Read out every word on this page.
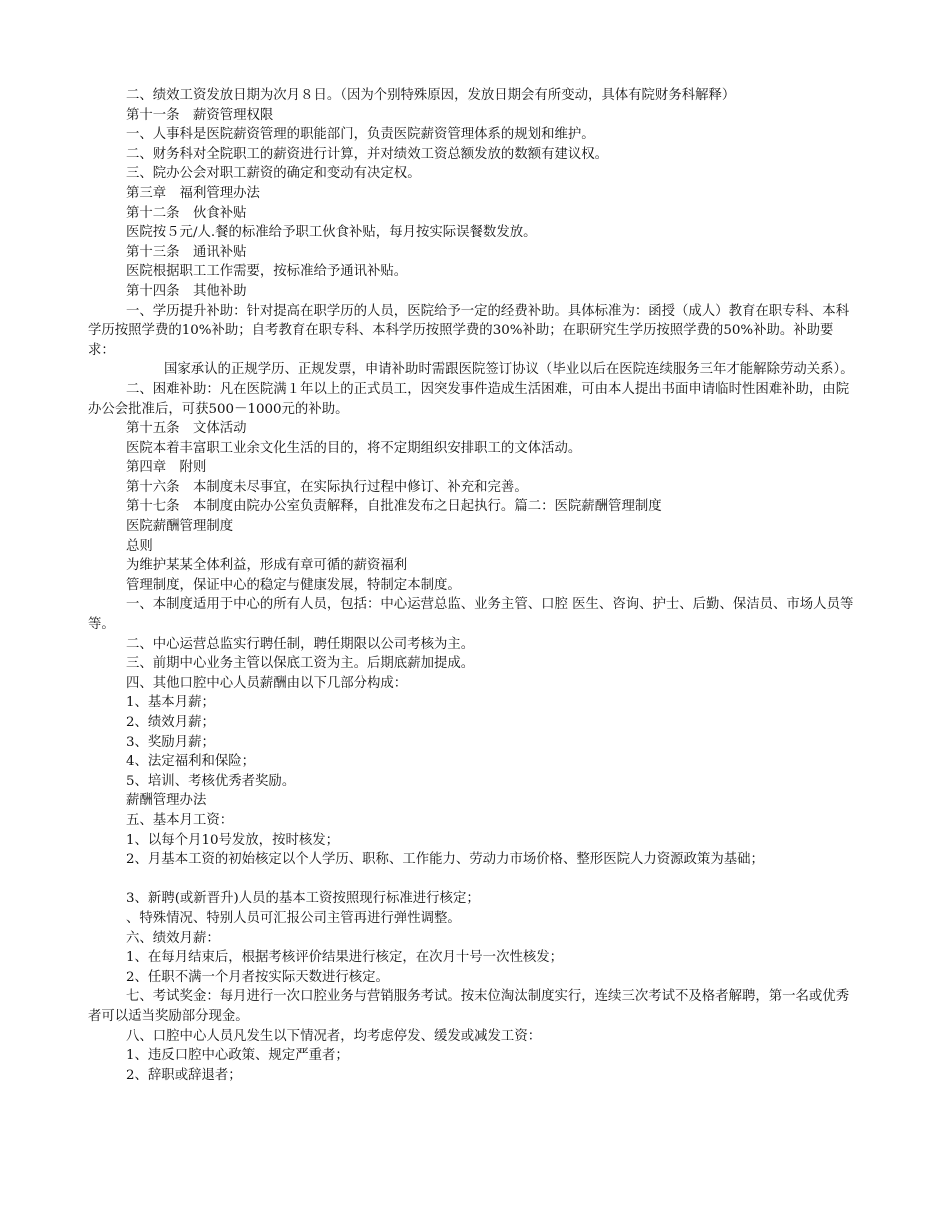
二、绩效工资发放日期为次月８日。（因为个别特殊原因，发放日期会有所变动，具体有院财务科解释）

第十一条　薪资管理权限

一、人事科是医院薪资管理的职能部门，负责医院薪资管理体系的规划和维护。

二、财务科对全院职工的薪资进行计算，并对绩效工资总额发放的数额有建议权。

三、院办公会对职工薪资的确定和变动有决定权。

第三章　福利管理办法

第十二条　伙食补贴

医院按５元/人.餐的标准给予职工伙食补贴，每月按实际误餐数发放。

第十三条　通讯补贴

医院根据职工工作需要，按标准给予通讯补贴。

第十四条　其他补助

一、学历提升补助：针对提高在职学历的人员，医院给予一定的经费补助。具体标准为：函授（成人）教育在职专科、本科学历按照学费的10%补助；自考教育在职专科、本科学历按照学费的30%补助；在职研究生学历按照学费的50%补助。补助要求：

国家承认的正规学历、正规发票，申请补助时需跟医院签订协议（毕业以后在医院连续服务三年才能解除劳动关系）。

二、困难补助：凡在医院满１年以上的正式员工，因突发事件造成生活困难，可由本人提出书面申请临时性困难补助，由院办公会批准后，可获500－1000元的补助。

第十五条　文体活动

医院本着丰富职工业余文化生活的目的，将不定期组织安排职工的文体活动。

第四章　附则

第十六条　本制度未尽事宜，在实际执行过程中修订、补充和完善。

第十七条　本制度由院办公室负责解释，自批准发布之日起执行。篇二：医院薪酬管理制度

医院薪酬管理制度

总则

为维护某某全体利益，形成有章可循的薪资福利

管理制度，保证中心的稳定与健康发展，特制定本制度。

一、本制度适用于中心的所有人员，包括：中心运营总监、业务主管、口腔 医生、咨询、护士、后勤、保洁员、市场人员等等。

二、中心运营总监实行聘任制，聘任期限以公司考核为主。

三、前期中心业务主管以保底工资为主。后期底薪加提成。

四、其他口腔中心人员薪酬由以下几部分构成：

1、基本月薪；

2、绩效月薪；

3、奖励月薪；

4、法定福利和保险；

5、培训、考核优秀者奖励。

薪酬管理办法

五、基本月工资：

1、以每个月10号发放，按时核发；

2、月基本工资的初始核定以个人学历、职称、工作能力、劳动力市场价格、整形医院人力资源政策为基础；

3、新聘(或新晋升)人员的基本工资按照现行标准进行核定；

、特殊情况、特别人员可汇报公司主管再进行弹性调整。

六、绩效月薪：

1、在每月结束后，根据考核评价结果进行核定，在次月十号一次性核发；

2、任职不满一个月者按实际天数进行核定。

七、考试奖金：每月进行一次口腔业务与营销服务考试。按末位淘汰制度实行，连续三次考试不及格者解聘，第一名或优秀者可以适当奖励部分现金。

八、口腔中心人员凡发生以下情况者，均考虑停发、缓发或减发工资：

1、违反口腔中心政策、规定严重者；

2、辞职或辞退者；
